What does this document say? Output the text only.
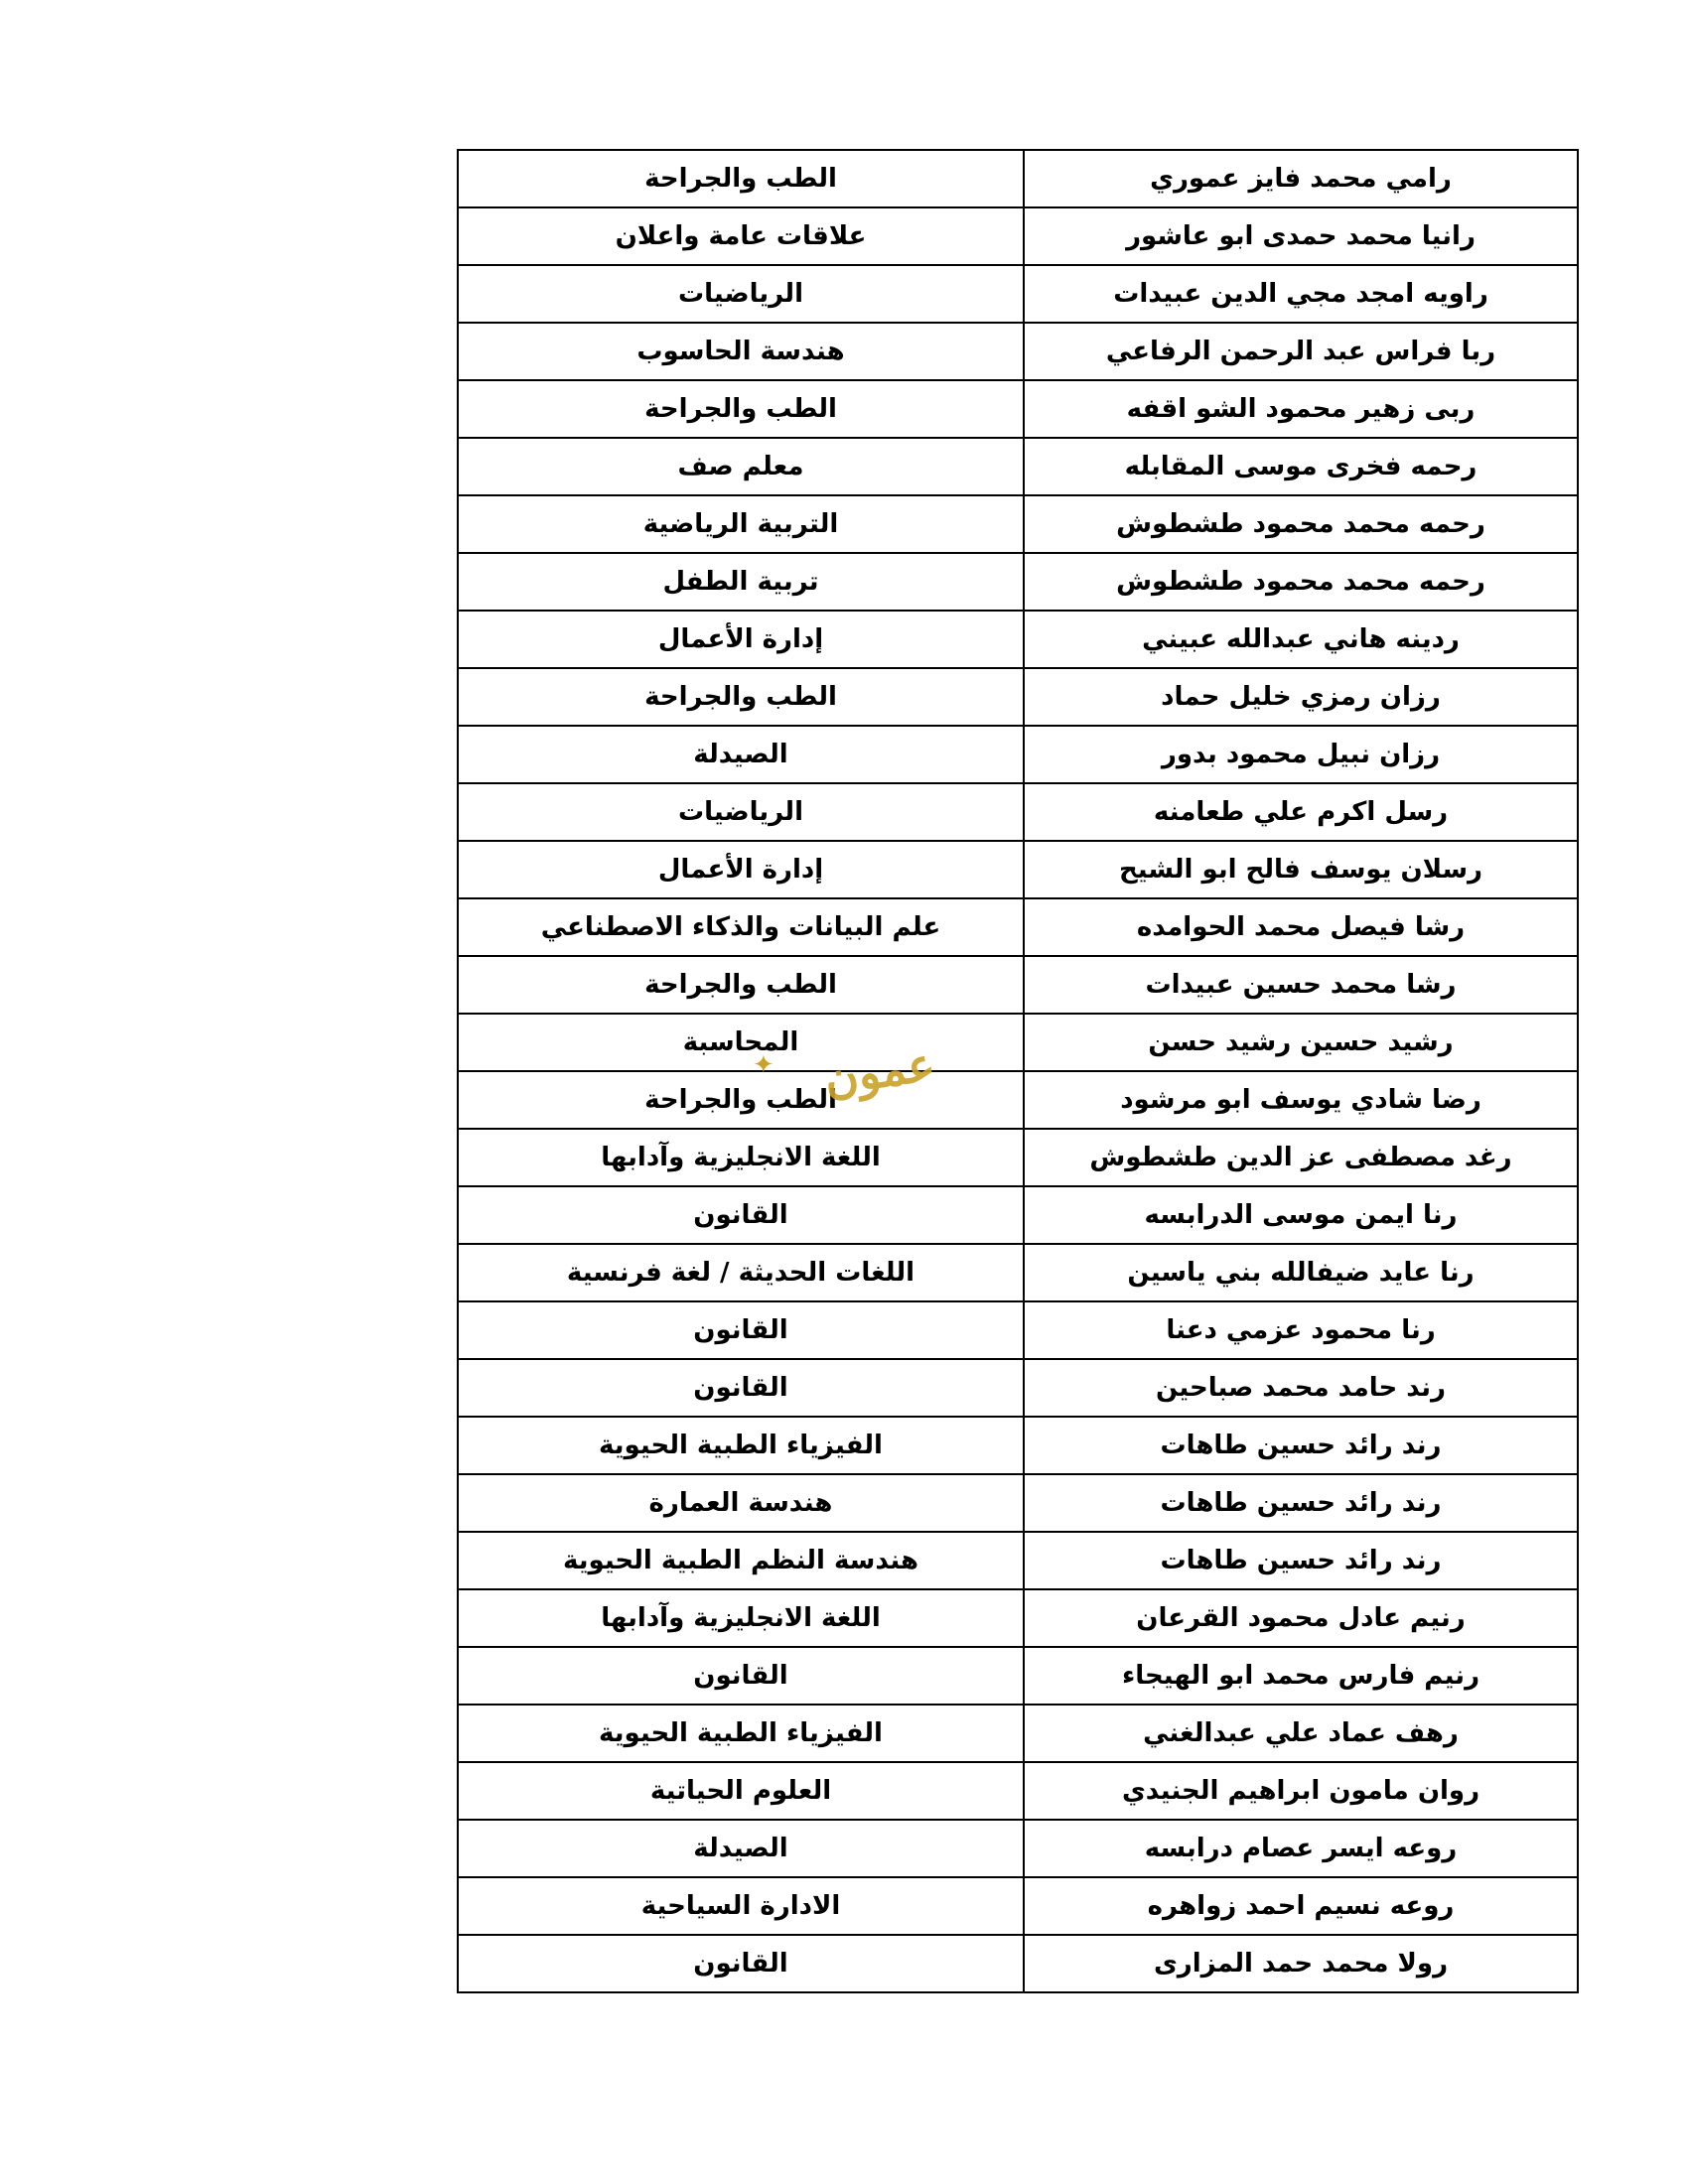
رامي محمد فايز عموري	الطب والجراحة
رانيا محمد حمدى ابو عاشور	علاقات عامة واعلان
راويه امجد مجي الدين عبيدات	الرياضيات
ربا فراس عبد الرحمن الرفاعي	هندسة الحاسوب
ربى زهير محمود الشو اقفه	الطب والجراحة
رحمه فخرى موسى المقابله	معلم صف
رحمه محمد محمود طشطوش	التربية الرياضية
رحمه محمد محمود طشطوش	تربية الطفل
ردينه هاني عبدالله عبيني	إدارة الأعمال
رزان رمزي خليل حماد	الطب والجراحة
رزان نبيل محمود بدور	الصيدلة
رسل اكرم علي طعامنه	الرياضيات
رسلان يوسف فالح ابو الشيح	إدارة الأعمال
رشا فيصل محمد الحوامده	علم البيانات والذكاء الاصطناعي
رشا محمد حسين عبيدات	الطب والجراحة
رشيد حسين رشيد حسن	المحاسبة
رضا شادي يوسف ابو مرشود	الطب والجراحة
رغد مصطفى عز الدين طشطوش	اللغة الانجليزية وآدابها
رنا ايمن موسى الدرابسه	القانون
رنا عايد ضيفالله بني ياسين	اللغات الحديثة / لغة فرنسية
رنا محمود عزمي دعنا	القانون
رند حامد محمد صباحين	القانون
رند رائد حسين طاهات	الفيزياء الطبية الحيوية
رند رائد حسين طاهات	هندسة العمارة
رند رائد حسين طاهات	هندسة النظم الطبية الحيوية
رنيم عادل محمود القرعان	اللغة الانجليزية وآدابها
رنيم فارس محمد ابو الهيجاء	القانون
رهف عماد علي عبدالغني	الفيزياء الطبية الحيوية
روان مامون ابراهيم الجنيدي	العلوم الحياتية
روعه ايسر عصام درابسه	الصيدلة
روعه نسيم احمد زواهره	الادارة السياحية
رولا محمد حمد المزارى	القانون
✦ عمون
